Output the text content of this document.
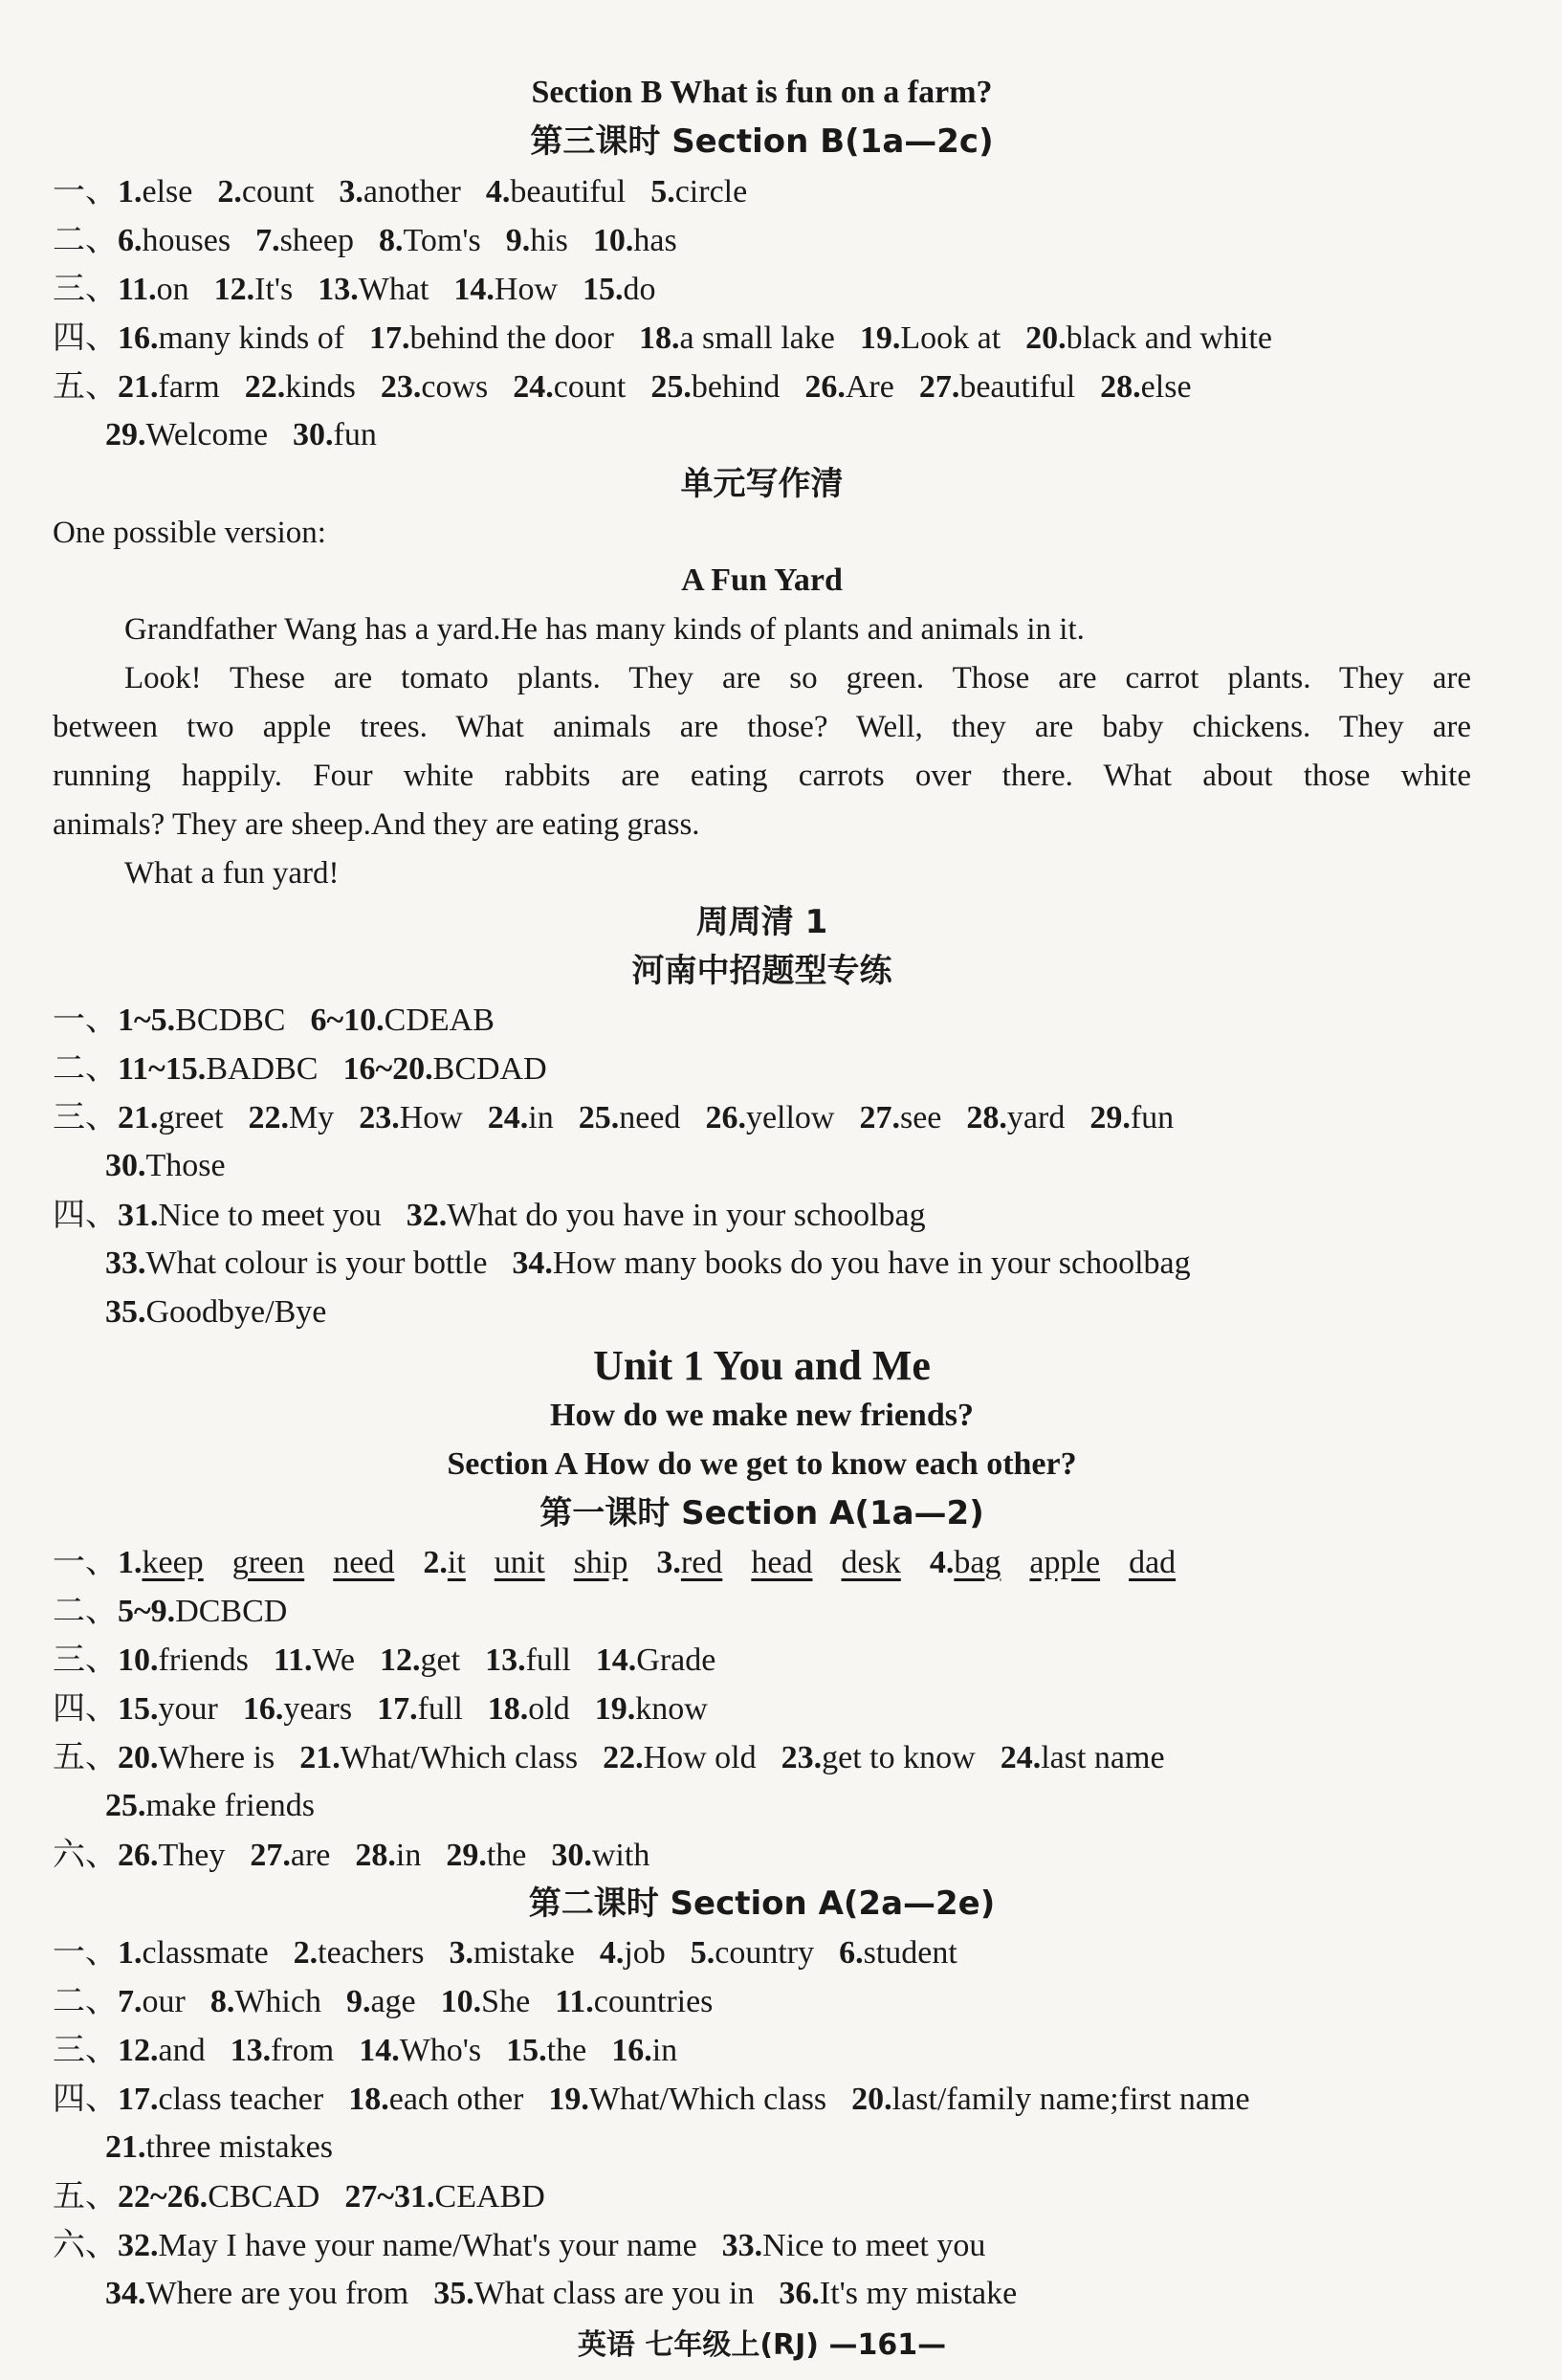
Section B What is fun on a farm?
第三课时 Section B(1a—2c)
一、1.else 2.count 3.another 4.beautiful 5.circle
二、6.houses 7.sheep 8.Tom's 9.his 10.has
三、11.on 12.It's 13.What 14.How 15.do
四、16.many kinds of 17.behind the door 18.a small lake 19.Look at 20.black and white
五、21.farm 22.kinds 23.cows 24.count 25.behind 26.Are 27.beautiful 28.else
29.Welcome 30.fun
单元写作清
One possible version:
A Fun Yard
Grandfather Wang has a yard.He has many kinds of plants and animals in it.
Look! These are tomato plants. They are so green. Those are carrot plants. They are
between two apple trees. What animals are those? Well, they are baby chickens. They are
running happily. Four white rabbits are eating carrots over there. What about those white
animals? They are sheep.And they are eating grass.
What a fun yard!
周周清 1
河南中招题型专练
一、1~5.BCDBC 6~10.CDEAB
二、11~15.BADBC 16~20.BCDAD
三、21.greet 22.My 23.How 24.in 25.need 26.yellow 27.see 28.yard 29.fun
30.Those
四、31.Nice to meet you 32.What do you have in your schoolbag
33.What colour is your bottle 34.How many books do you have in your schoolbag
35.Goodbye/Bye
Unit 1 You and Me
How do we make new friends?
Section A How do we get to know each other?
第一课时 Section A(1a—2)
一、1.keep green need 2.it unit ship 3.red head desk 4.bag apple dad
二、5~9.DCBCD
三、10.friends 11.We 12.get 13.full 14.Grade
四、15.your 16.years 17.full 18.old 19.know
五、20.Where is 21.What/Which class 22.How old 23.get to know 24.last name
25.make friends
六、26.They 27.are 28.in 29.the 30.with
第二课时 Section A(2a—2e)
一、1.classmate 2.teachers 3.mistake 4.job 5.country 6.student
二、7.our 8.Which 9.age 10.She 11.countries
三、12.and 13.from 14.Who's 15.the 16.in
四、17.class teacher 18.each other 19.What/Which class 20.last/family name;first name
21.three mistakes
五、22~26.CBCAD 27~31.CEABD
六、32.May I have your name/What's your name 33.Nice to meet you
34.Where are you from 35.What class are you in 36.It's my mistake
英语 七年级上(RJ) —161—
